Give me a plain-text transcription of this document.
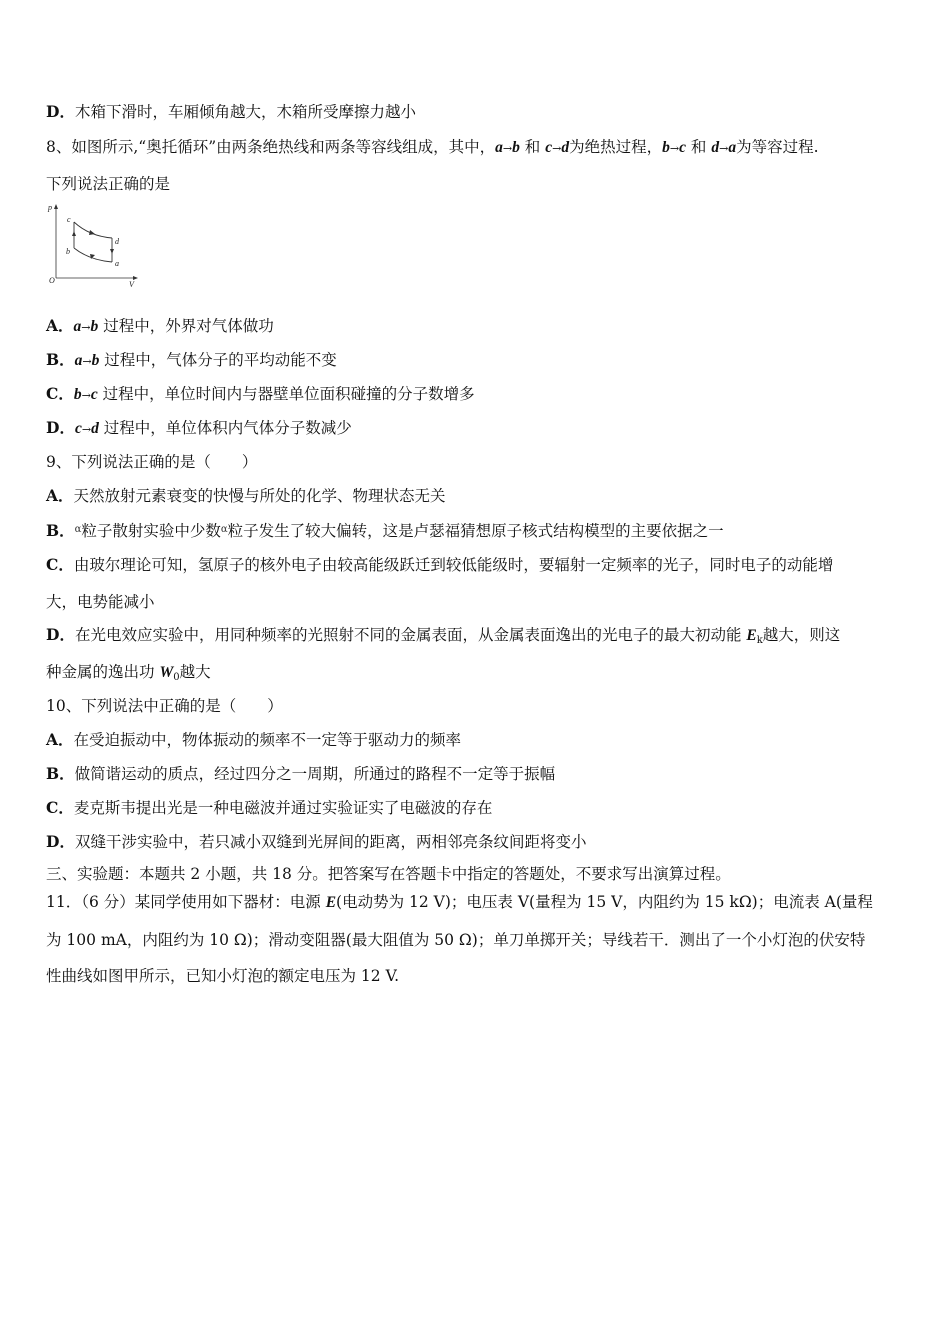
D．木箱下滑时，车厢倾角越大，木箱所受摩擦力越小
8、如图所示,“奥托循环”由两条绝热线和两条等容线组成，其中，a→b 和 c→d为绝热过程，b→c 和 d→a为等容过程.
下列说法正确的是
p
V
O
c
b
d
a
A．a→b 过程中，外界对气体做功
B．a→b 过程中，气体分子的平均动能不变
C．b→c 过程中，单位时间内与器壁单位面积碰撞的分子数增多
D．c→d 过程中，单位体积内气体分子数减少
9、下列说法正确的是（　　）
A．天然放射元素衰变的快慢与所处的化学、物理状态无关
B．$^\alpha$粒子散射实验中少数$^\alpha$粒子发生了较大偏转，这是卢瑟福猜想原子核式结构模型的主要依据之一
C．由玻尔理论可知，氢原子的核外电子由较高能级跃迁到较低能级时，要辐射一定频率的光子，同时电子的动能增
大，电势能减小
D．在光电效应实验中，用同种频率的光照射不同的金属表面，从金属表面逸出的光电子的最大初动能 $E_k$越大，则这
种金属的逸出功 $W_0$越大
10、下列说法中正确的是（　　）
A．在受迫振动中，物体振动的频率不一定等于驱动力的频率
B．做简谐运动的质点，经过四分之一周期，所通过的路程不一定等于振幅
C．麦克斯韦提出光是一种电磁波并通过实验证实了电磁波的存在
D．双缝干涉实验中，若只减小双缝到光屏间的距离，两相邻亮条纹间距将变小
三、实验题：本题共 2 小题，共 18 分。把答案写在答题卡中指定的答题处，不要求写出演算过程。
11．（6 分）某同学使用如下器材：电源 E(电动势为 12 V)；电压表 V(量程为 15 V，内阻约为 15 kΩ)；电流表 A(量程
为 100 mA，内阻约为 10 Ω)；滑动变阻器(最大阻值为 50 Ω)；单刀单掷开关；导线若干．测出了一个小灯泡的伏安特
性曲线如图甲所示，已知小灯泡的额定电压为 12 V.
